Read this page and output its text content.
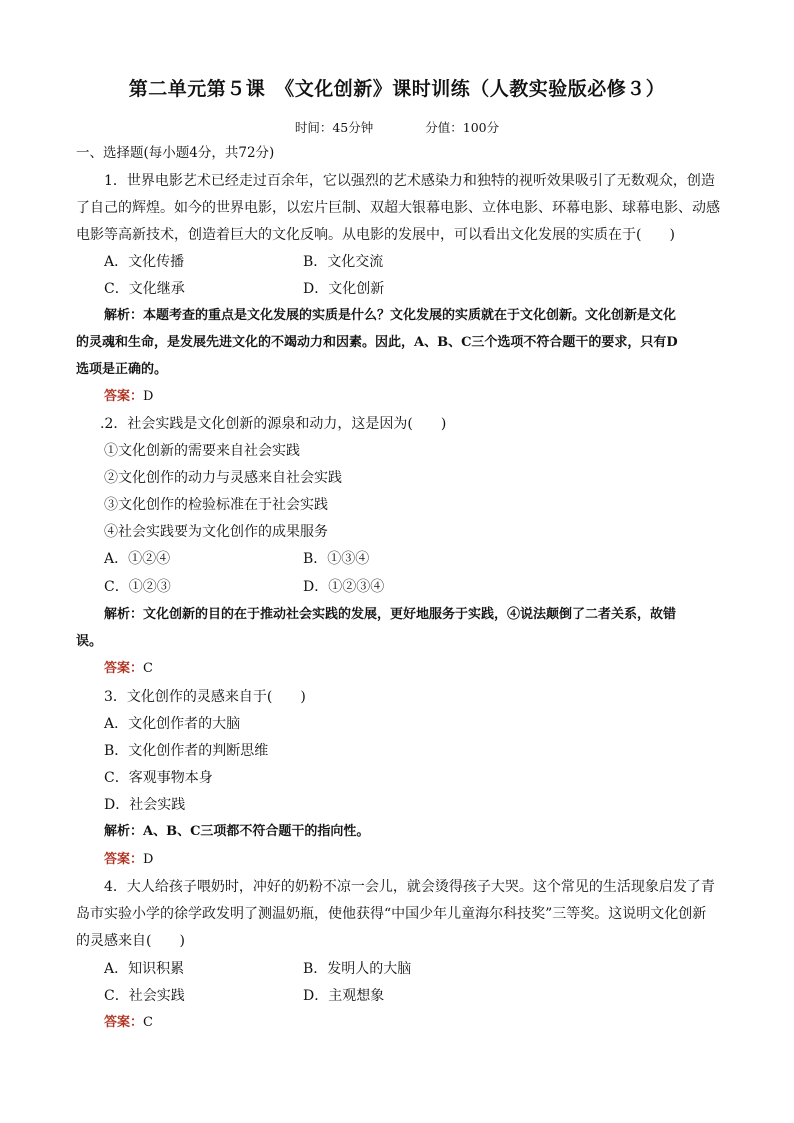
第二单元第５课　《文化创新》课时训练（人教实验版必修３）
时间：45分钟	分值：100分
一、选择题(每小题4分，共72分)
1．世界电影艺术已经走过百余年，它以强烈的艺术感染力和独特的视听效果吸引了无数观众，创造
了自己的辉煌。如今的世界电影，以宏片巨制、双超大银幕电影、立体电影、环幕电影、球幕电影、动感
电影等高新技术，创造着巨大的文化反响。从电影的发展中，可以看出文化发展的实质在于(　　)
A．文化传播	B．文化交流
C．文化继承	D．文化创新
解析：本题考查的重点是文化发展的实质是什么？文化发展的实质就在于文化创新。文化创新是文化
的灵魂和生命，是发展先进文化的不竭动力和因素。因此，A、B、C三个选项不符合题干的要求，只有D
选项是正确的。
答案：D
.2．社会实践是文化创新的源泉和动力，这是因为(　　)
①文化创新的需要来自社会实践
②文化创作的动力与灵感来自社会实践
③文化创作的检验标准在于社会实践
④社会实践要为文化创作的成果服务
A．①②④	B．①③④
C．①②③	D．①②③④
解析：文化创新的目的在于推动社会实践的发展，更好地服务于实践，④说法颠倒了二者关系，故错
误。
答案：C
3．文化创作的灵感来自于(　　)
A．文化创作者的大脑
B．文化创作者的判断思维
C．客观事物本身
D．社会实践
解析：A、B、C三项都不符合题干的指向性。
答案：D
4．大人给孩子喂奶时，冲好的奶粉不凉一会儿，就会烫得孩子大哭。这个常见的生活现象启发了青
岛市实验小学的徐学政发明了测温奶瓶，使他获得“中国少年儿童海尔科技奖”三等奖。这说明文化创新
的灵感来自(　　)
A．知识积累	B．发明人的大脑
C．社会实践	D．主观想象
答案：C
